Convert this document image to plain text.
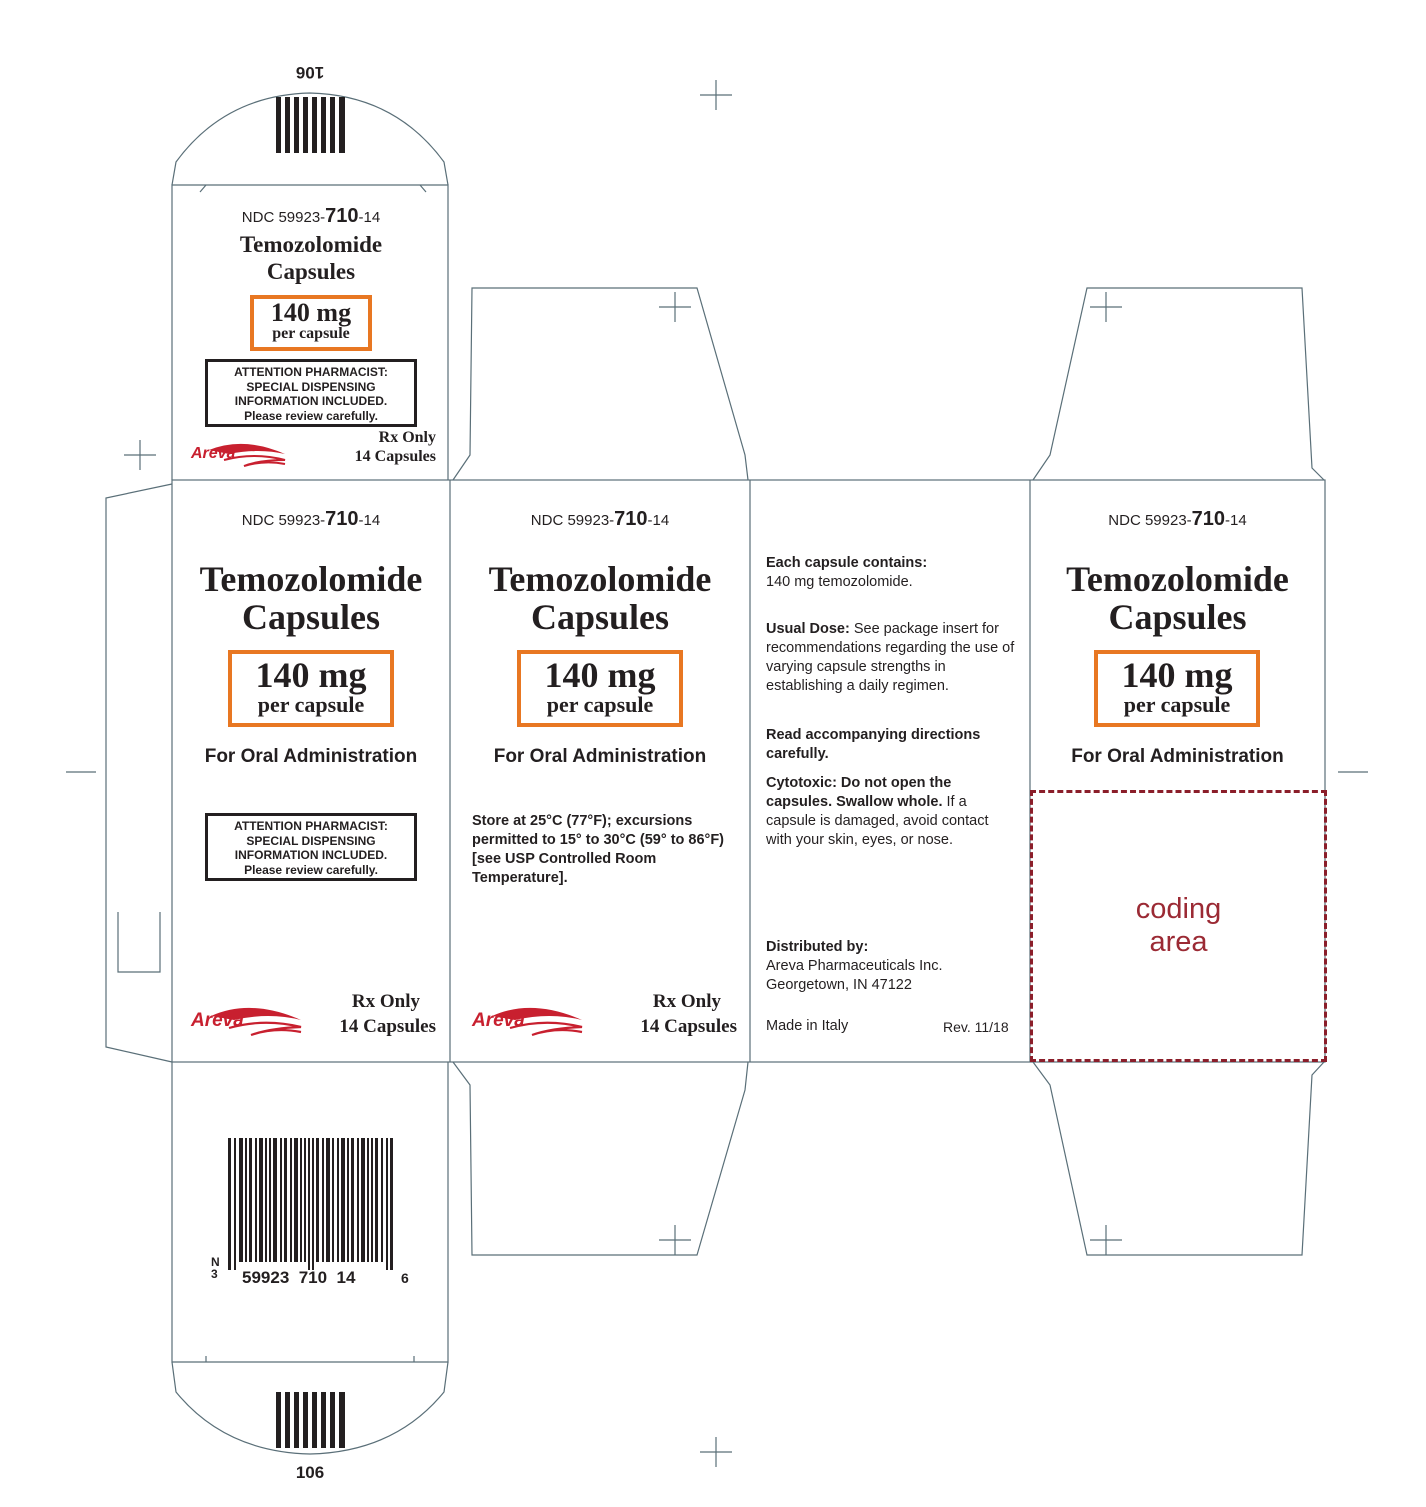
106
NDC 59923-710-14
Temozolomide
Capsules
140 mg
per capsule
ATTENTION PHARMACIST:
SPECIAL DISPENSING
INFORMATION INCLUDED.
Please review carefully.
Areva
Rx Only
14 Capsules
NDC 59923-710-14
Temozolomide
Capsules
140 mg
per capsule
For Oral Administration
ATTENTION PHARMACIST:
SPECIAL DISPENSING
INFORMATION INCLUDED.
Please review carefully.
Areva
Rx Only
14 Capsules
NDC 59923-710-14
Temozolomide
Capsules
140 mg
per capsule
For Oral Administration
Store at 25°C (77°F); excursions permitted to 15° to 30°C (59° to 86°F) [see USP Controlled Room Temperature].
Areva
Rx Only
14 Capsules
Each capsule contains:
140 mg temozolomide.
Usual Dose: See package insert for recommendations regarding the use of varying capsule strengths in establishing a daily regimen.
Read accompanying directions carefully.
Cytotoxic: Do not open the capsules. Swallow whole. If a capsule is damaged, avoid contact with your skin, eyes, or nose.
Distributed by:
Areva Pharmaceuticals Inc.
Georgetown, IN 47122
Made in Italy	Rev. 11/18
NDC 59923-710-14
Temozolomide
Capsules
140 mg
per capsule
For Oral Administration
coding
area
N
3 59923  710  14	6
106
